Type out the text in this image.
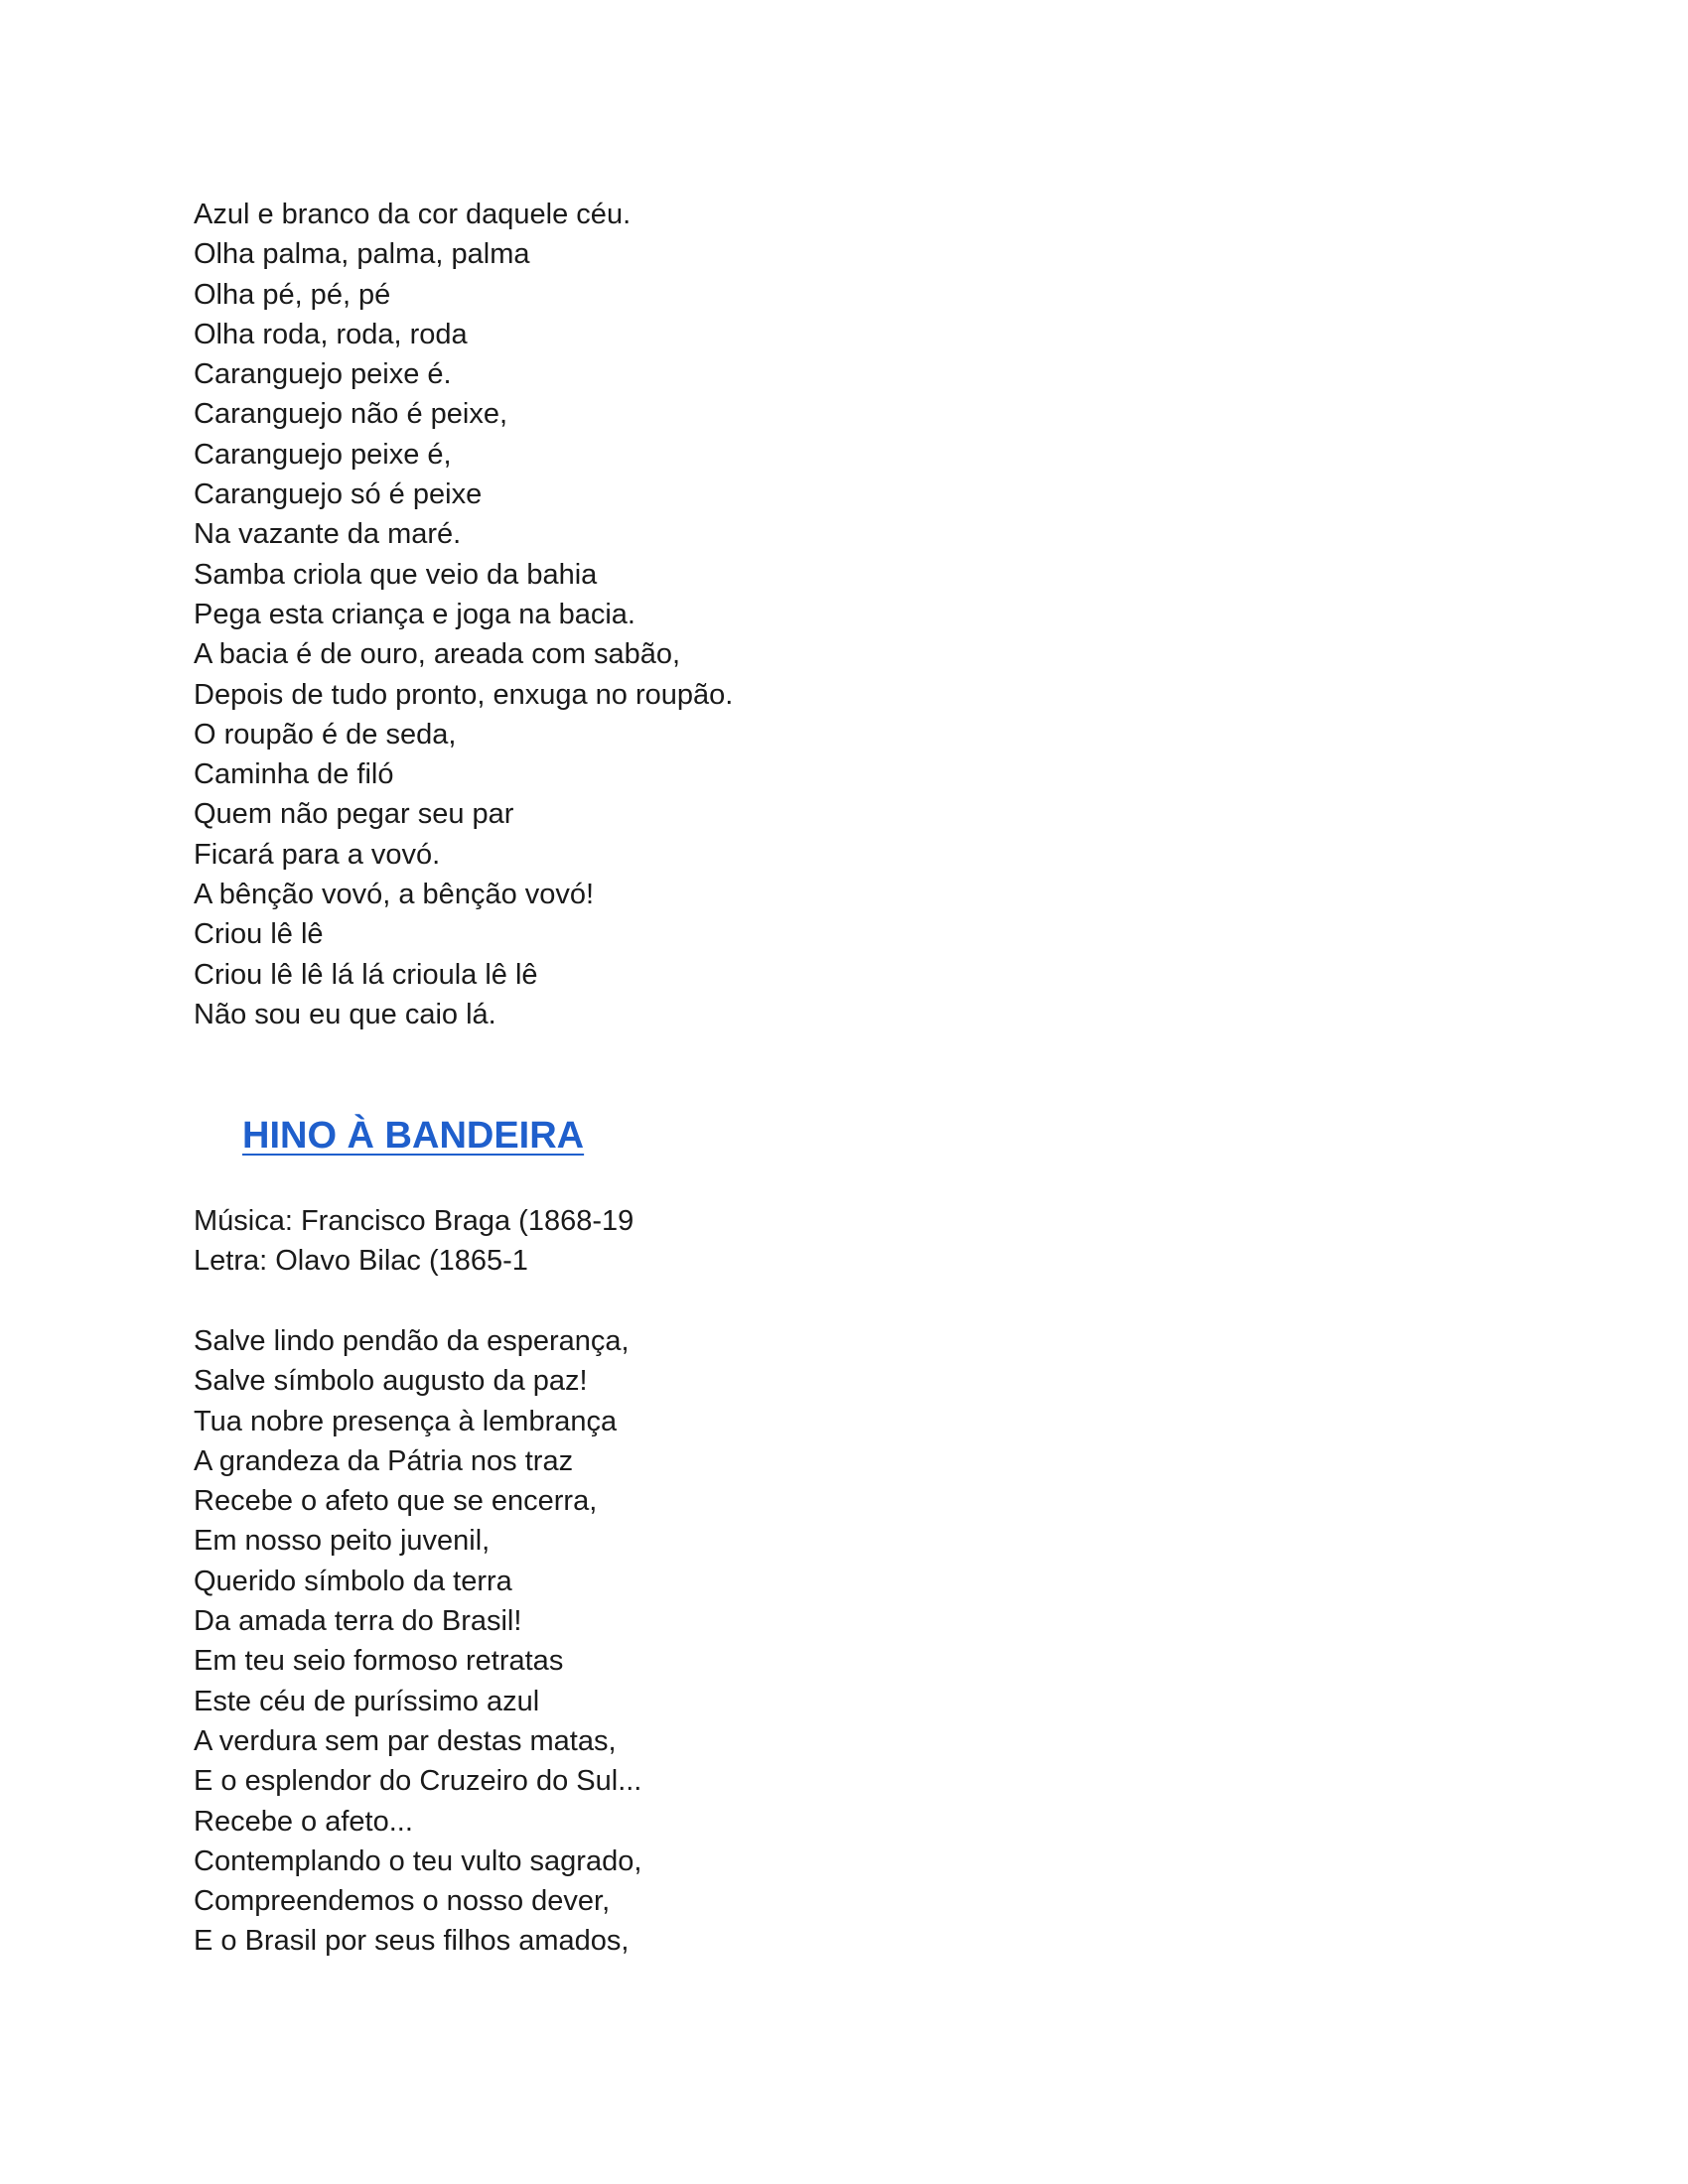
Azul e branco da cor daquele céu.
Olha palma, palma, palma
Olha pé, pé, pé
Olha roda, roda, roda
Caranguejo peixe é.
Caranguejo não é peixe,
Caranguejo peixe é,
Caranguejo só é peixe
Na vazante da maré.
Samba criola que veio da bahia
Pega esta criança e joga na bacia.
A bacia é de ouro, areada com sabão,
Depois de tudo pronto, enxuga no roupão.
O roupão é de seda,
Caminha de filó
Quem não pegar seu par
Ficará para a vovó.
A bênção vovó, a bênção vovó!
Criou lê lê
Criou lê lê lá lá crioula lê lê
Não sou eu que caio lá.
HINO À BANDEIRA
Música: Francisco Braga (1868-19
Letra: Olavo Bilac (1865-1
Salve lindo pendão da esperança,
Salve símbolo augusto da paz!
Tua nobre presença à lembrança
A grandeza da Pátria nos traz
Recebe o afeto que se encerra,
Em nosso peito juvenil,
Querido símbolo da terra
Da amada terra do Brasil!
Em teu seio formoso retratas
Este céu de puríssimo azul
A verdura sem par destas matas,
E o esplendor do Cruzeiro do Sul...
Recebe o afeto...
Contemplando o teu vulto sagrado,
Compreendemos o nosso dever,
E o Brasil por seus filhos amados,
